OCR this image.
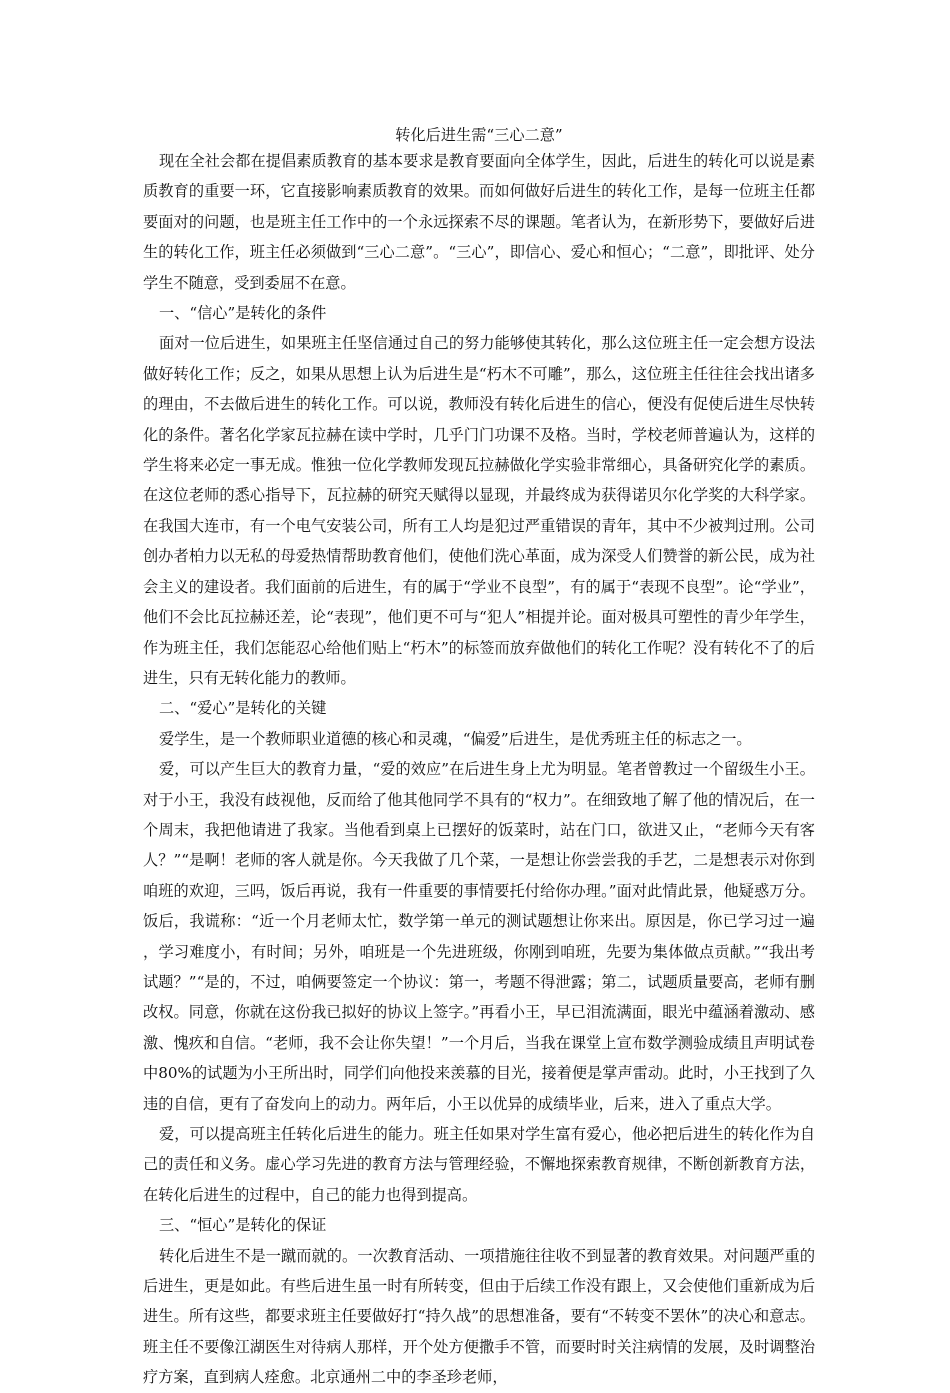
转化后进生需“三心二意”

现在全社会都在提倡素质教育的基本要求是教育要面向全体学生，因此，后进生的转化可以说是素质教育的重要一环，它直接影响素质教育的效果。而如何做好后进生的转化工作，是每一位班主任都要面对的问题，也是班主任工作中的一个永远探索不尽的课题。笔者认为，在新形势下，要做好后进生的转化工作，班主任必须做到“三心二意”。“三心”，即信心、爱心和恒心；“二意”，即批评、处分学生不随意，受到委屈不在意。

一、“信心”是转化的条件

面对一位后进生，如果班主任坚信通过自己的努力能够使其转化，那么这位班主任一定会想方设法做好转化工作；反之，如果从思想上认为后进生是“朽木不可雕”，那么，这位班主任往往会找出诸多的理由，不去做后进生的转化工作。可以说，教师没有转化后进生的信心，便没有促使后进生尽快转化的条件。著名化学家瓦拉赫在读中学时，几乎门门功课不及格。当时，学校老师普遍认为，这样的学生将来必定一事无成。惟独一位化学教师发现瓦拉赫做化学实验非常细心，具备研究化学的素质。在这位老师的悉心指导下，瓦拉赫的研究天赋得以显现，并最终成为获得诺贝尔化学奖的大科学家。在我国大连市，有一个电气安装公司，所有工人均是犯过严重错误的青年，其中不少被判过刑。公司创办者柏力以无私的母爱热情帮助教育他们，使他们洗心革面，成为深受人们赞誉的新公民，成为社会主义的建设者。我们面前的后进生，有的属于“学业不良型”，有的属于“表现不良型”。论“学业”，他们不会比瓦拉赫还差，论“表现”，他们更不可与“犯人”相提并论。面对极具可塑性的青少年学生，作为班主任，我们怎能忍心给他们贴上“朽木”的标签而放弃做他们的转化工作呢？没有转化不了的后进生，只有无转化能力的教师。

二、“爱心”是转化的关键

爱学生，是一个教师职业道德的核心和灵魂，“偏爱”后进生，是优秀班主任的标志之一。

爱，可以产生巨大的教育力量，“爱的效应”在后进生身上尤为明显。笔者曾教过一个留级生小王。对于小王，我没有歧视他，反而给了他其他同学不具有的“权力”。在细致地了解了他的情况后，在一个周末，我把他请进了我家。当他看到桌上已摆好的饭菜时，站在门口，欲进又止，“老师今天有客人？”“是啊！老师的客人就是你。今天我做了几个菜，一是想让你尝尝我的手艺，二是想表示对你到咱班的欢迎，三吗，饭后再说，我有一件重要的事情要托付给你办理。”面对此情此景，他疑惑万分。饭后，我谎称：“近一个月老师太忙，数学第一单元的测试题想让你来出。原因是，你已学习过一遍，学习难度小，有时间；另外，咱班是一个先进班级，你刚到咱班，先要为集体做点贡献。”“我出考试题？”“是的，不过，咱俩要签定一个协议：第一，考题不得泄露；第二，试题质量要高，老师有删改权。同意，你就在这份我已拟好的协议上签字。”再看小王，早已泪流满面，眼光中蕴涵着激动、感激、愧疚和自信。“老师，我不会让你失望！”一个月后，当我在课堂上宣布数学测验成绩且声明试卷中80%的试题为小王所出时，同学们向他投来羡慕的目光，接着便是掌声雷动。此时，小王找到了久违的自信，更有了奋发向上的动力。两年后，小王以优异的成绩毕业，后来，进入了重点大学。

爱，可以提高班主任转化后进生的能力。班主任如果对学生富有爱心，他必把后进生的转化作为自己的责任和义务。虚心学习先进的教育方法与管理经验，不懈地探索教育规律，不断创新教育方法，在转化后进生的过程中，自己的能力也得到提高。

三、“恒心”是转化的保证

转化后进生不是一蹴而就的。一次教育活动、一项措施往往收不到显著的教育效果。对问题严重的后进生，更是如此。有些后进生虽一时有所转变，但由于后续工作没有跟上，又会使他们重新成为后进生。所有这些，都要求班主任要做好打“持久战”的思想准备，要有“不转变不罢休”的决心和意志。班主任不要像江湖医生对待病人那样，开个处方便撒手不管，而要时时关注病情的发展，及时调整治疗方案，直到病人痊愈。北京通州二中的李圣珍老师，
